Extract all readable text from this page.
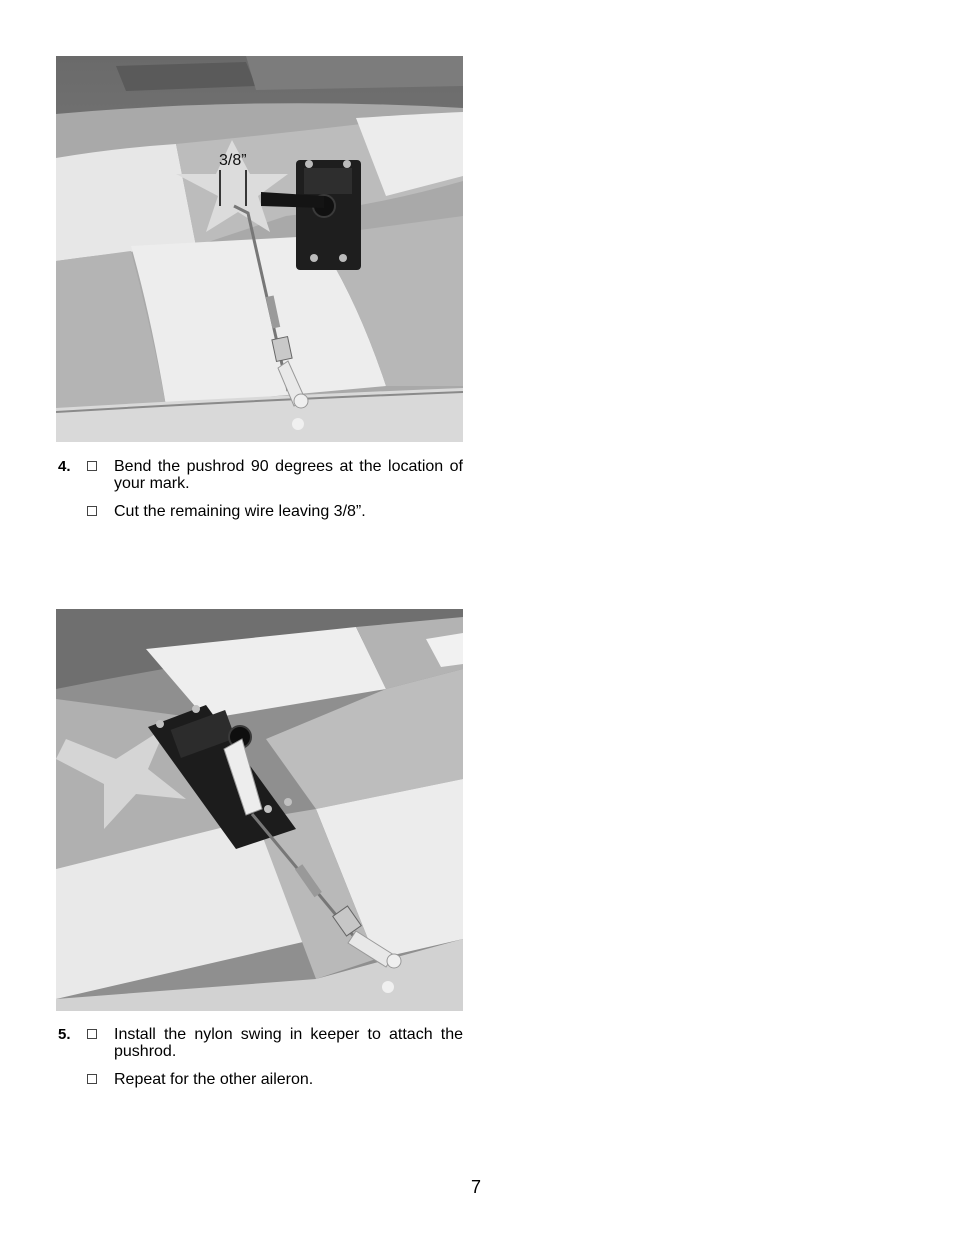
3/8”
4.	Bend the pushrod 90 degrees at the location of your mark.
Cut the remaining wire leaving 3/8”.
5.	Install the nylon swing in keeper to attach the pushrod.
Repeat for the other aileron.
7
